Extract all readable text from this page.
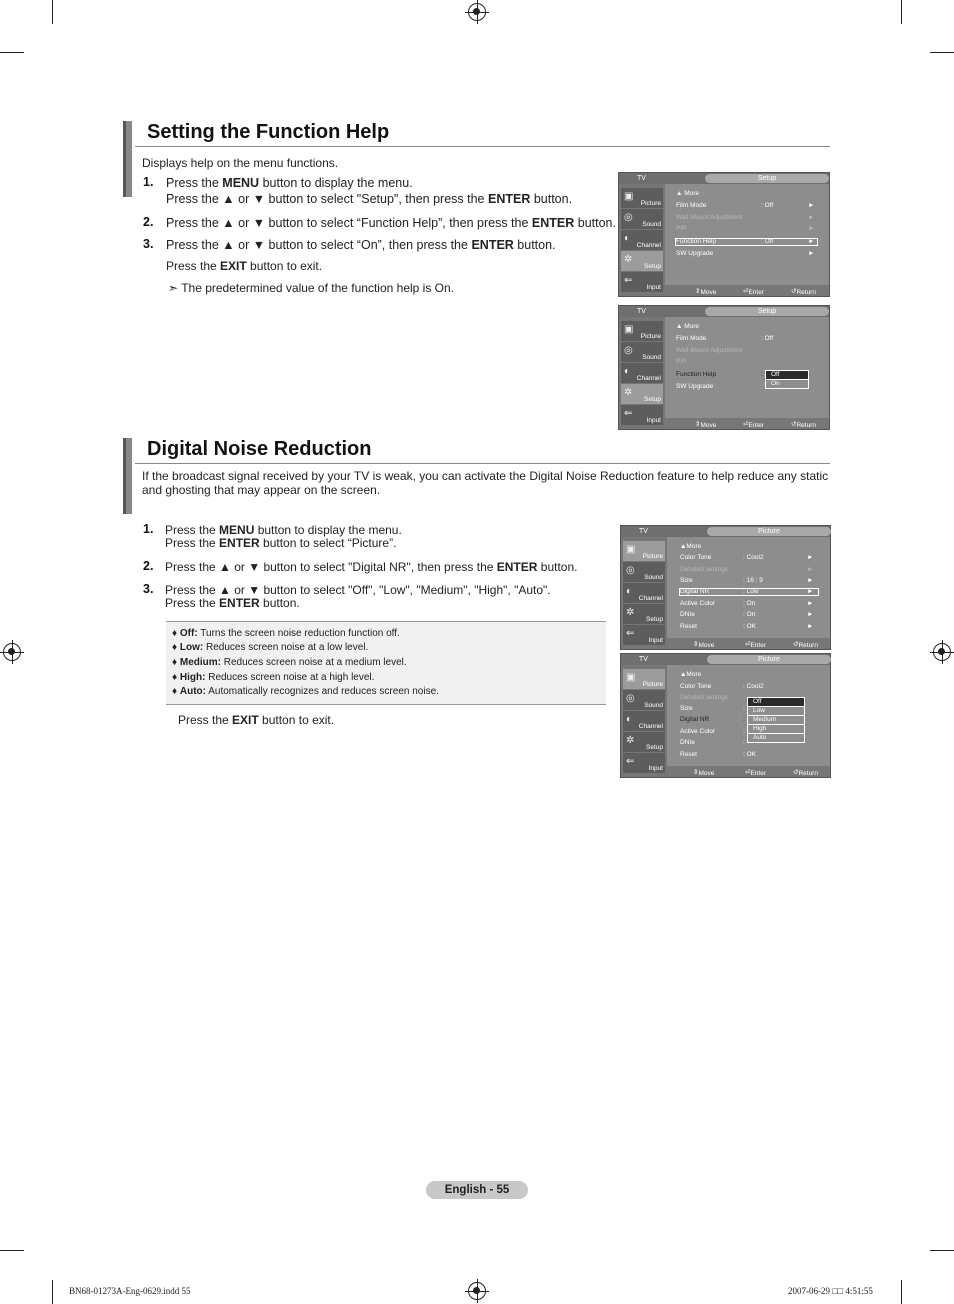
Setting the Function Help
Displays help on the menu functions.
1. Press the MENU button to display the menu.
Press the ▲ or ▼ button to select "Setup", then press the ENTER button.
2. Press the ▲ or ▼ button to select “Function Help”, then press the ENTER button.
3. Press the ▲ or ▼ button to select “On”, then press the ENTER button.
Press the EXIT button to exit.
➣ The predetermined value of the function help is On.
TV	Setup
▣
Picture
◎
Sound
◐
Channel
✲
Setup
⇐
Input
▲ More
Film Mode	: Off	►
Wall-Mount Adjustment	►
PIP	►
Function Help	: Off	►
SW Upgrade	►
⇕ Move	⏎ Enter	↺ Return
TV	Setup
▣
Picture
◎
Sound
◐
Channel
✲
Setup
⇐
Input
▲ More
Film Mode	: Off
Wall-Mount Adjustment
PIP
Function Help	:
SW Upgrade
Off
On
⇕ Move	⏎ Enter	↺ Return
Digital Noise Reduction
If the broadcast signal received by your TV is weak, you can activate the Digital Noise Reduction feature to help reduce any static
and ghosting that may appear on the screen.
1. Press the MENU button to display the menu.
Press the ENTER button to select “Picture”.
2. Press the ▲ or ▼ button to select "Digital NR", then press the ENTER button.
3. Press the ▲ or ▼ button to select "Off", "Low", "Medium", "High", "Auto".
Press the ENTER button.
♦ Off: Turns the screen noise reduction function off.
♦ Low: Reduces screen noise at a low level.
♦ Medium: Reduces screen noise at a medium level.
♦ High: Reduces screen noise at a high level.
♦ Auto: Automatically recognizes and reduces screen noise.
Press the EXIT button to exit.
TV	Picture
▣
Picture
◎
Sound
◐
Channel
✲
Setup
⇐
Input
▲More
Color Tone	: Cool2	►
Detailed settings	►
Size	: 16 : 9	►
Digital NR	: Low	►
Active Color	: On	►
DNIe	: On	►
Reset	: OK	►
⇕ Move	⏎ Enter	↺ Return
TV	Picture
▣
Picture
◎
Sound
◐
Channel
✲
Setup
⇐
Input
▲More
Color Tone	: Cool2
Detailed settings
Size	:
Digital NR	:
Active Color	:
DNIe	:
Reset	: OK
Off
Low
Medium
High
Auto
⇕ Move	⏎ Enter	↺ Return
English - 55
BN68-01273A-Eng-0629.indd 55	2007-06-29 □□ 4:51:55
